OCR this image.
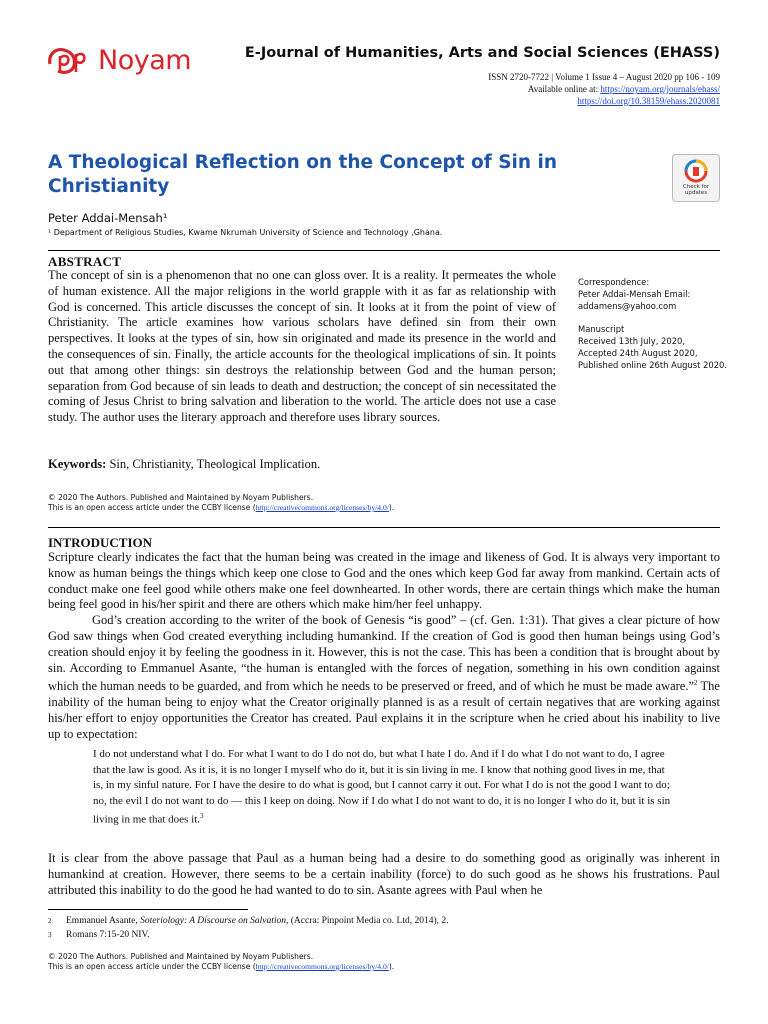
Noyam	E-Journal of Humanities, Arts and Social Sciences (EHASS)
ISSN 2720-7722 | Volume 1 Issue 4 – August 2020 pp 106 - 109
Available online at: https://noyam.org/journals/ehass/
https://doi.org/10.38159/ehass.2020081
A Theological Reflection on the Concept of Sin in Christianity	Check for updates
Peter Addai-Mensah¹
¹ Department of Religious Studies, Kwame Nkrumah University of Science and Technology ,Ghana.
ABSTRACT
The concept of sin is a phenomenon that no one can gloss over. It is a reality. It permeates the whole of human existence. All the major religions in the world grapple with it as far as relationship with God is concerned. This article discusses the concept of sin. It looks at it from the point of view of Christianity. The article examines how various scholars have defined sin from their own perspectives. It looks at the types of sin, how sin originated and made its presence in the world and the consequences of sin. Finally, the article accounts for the theological implications of sin. It points out that among other things: sin destroys the relationship between God and the human person; separation from God because of sin leads to death and destruction; the concept of sin necessitated the coming of Jesus Christ to bring salvation and liberation to the world. The article does not use a case study. The author uses the literary approach and therefore uses library sources.
Keywords: Sin, Christianity, Theological Implication.

Correspondence:

Peter Addai-Mensah Email: addamens@yahoo.com

Manuscript

Received 13th July, 2020,

Accepted 24th August 2020,

Published online 26th August 2020.

© 2020 The Authors. Published and Maintained by Noyam Publishers.
This is an open access article under the CCBY license (http://creativecommons.org/licenses/by/4.0/).
INTRODUCTION

Scripture clearly indicates the fact that the human being was created in the image and likeness of God. It is always very important to know as human beings the things which keep one close to God and the ones which keep God far away from mankind. Certain acts of conduct make one feel good while others make one feel downhearted. In other words, there are certain things which make the human being feel good in his/her spirit and there are others which make him/her feel unhappy.

God’s creation according to the writer of the book of Genesis “is good” – (cf. Gen. 1:31). That gives a clear picture of how God saw things when God created everything including humankind. If the creation of God is good then human beings using God’s creation should enjoy it by feeling the goodness in it. However, this is not the case. This has been a condition that is brought about by sin. According to Emmanuel Asante, “the human is entangled with the forces of negation, something in his own condition against which the human needs to be guarded, and from which he needs to be preserved or freed, and of which he must be made aware.”$^2$ The inability of the human being to enjoy what the Creator originally planned is as a result of certain negatives that are working against his/her effort to enjoy opportunities the Creator has created. Paul explains it in the scripture when he cried about his inability to live up to expectation:

I do not understand what I do. For what I want to do I do not do, but what I hate I do. And if I do what I do not want to do, I agree that the law is good. As it is, it is no longer I myself who do it, but it is sin living in me. I know that nothing good lives in me, that is, in my sinful nature. For I have the desire to do what is good, but I cannot carry it out. For what I do is not the good I want to do; no, the evil I do not want to do — this I keep on doing. Now if I do what I do not want to do, it is no longer I who do it, but it is sin living in me that does it.$^3$
It is clear from the above passage that Paul as a human being had a desire to do something good as originally was inherent in humankind at creation. However, there seems to be a certain inability (force) to do such good as he shows his frustrations. Paul attributed this inability to do the good he had wanted to do to sin. Asante agrees with Paul when he
2 Emmanuel Asante, Soteriology: A Discourse on Salvation, (Accra: Pinpoint Media co. Ltd, 2014), 2.
3 Romans 7:15-20 NIV.
© 2020 The Authors. Published and Maintained by Noyam Publishers.
This is an open access article under the CCBY license (http://creativecommons.org/licenses/by/4.0/).
